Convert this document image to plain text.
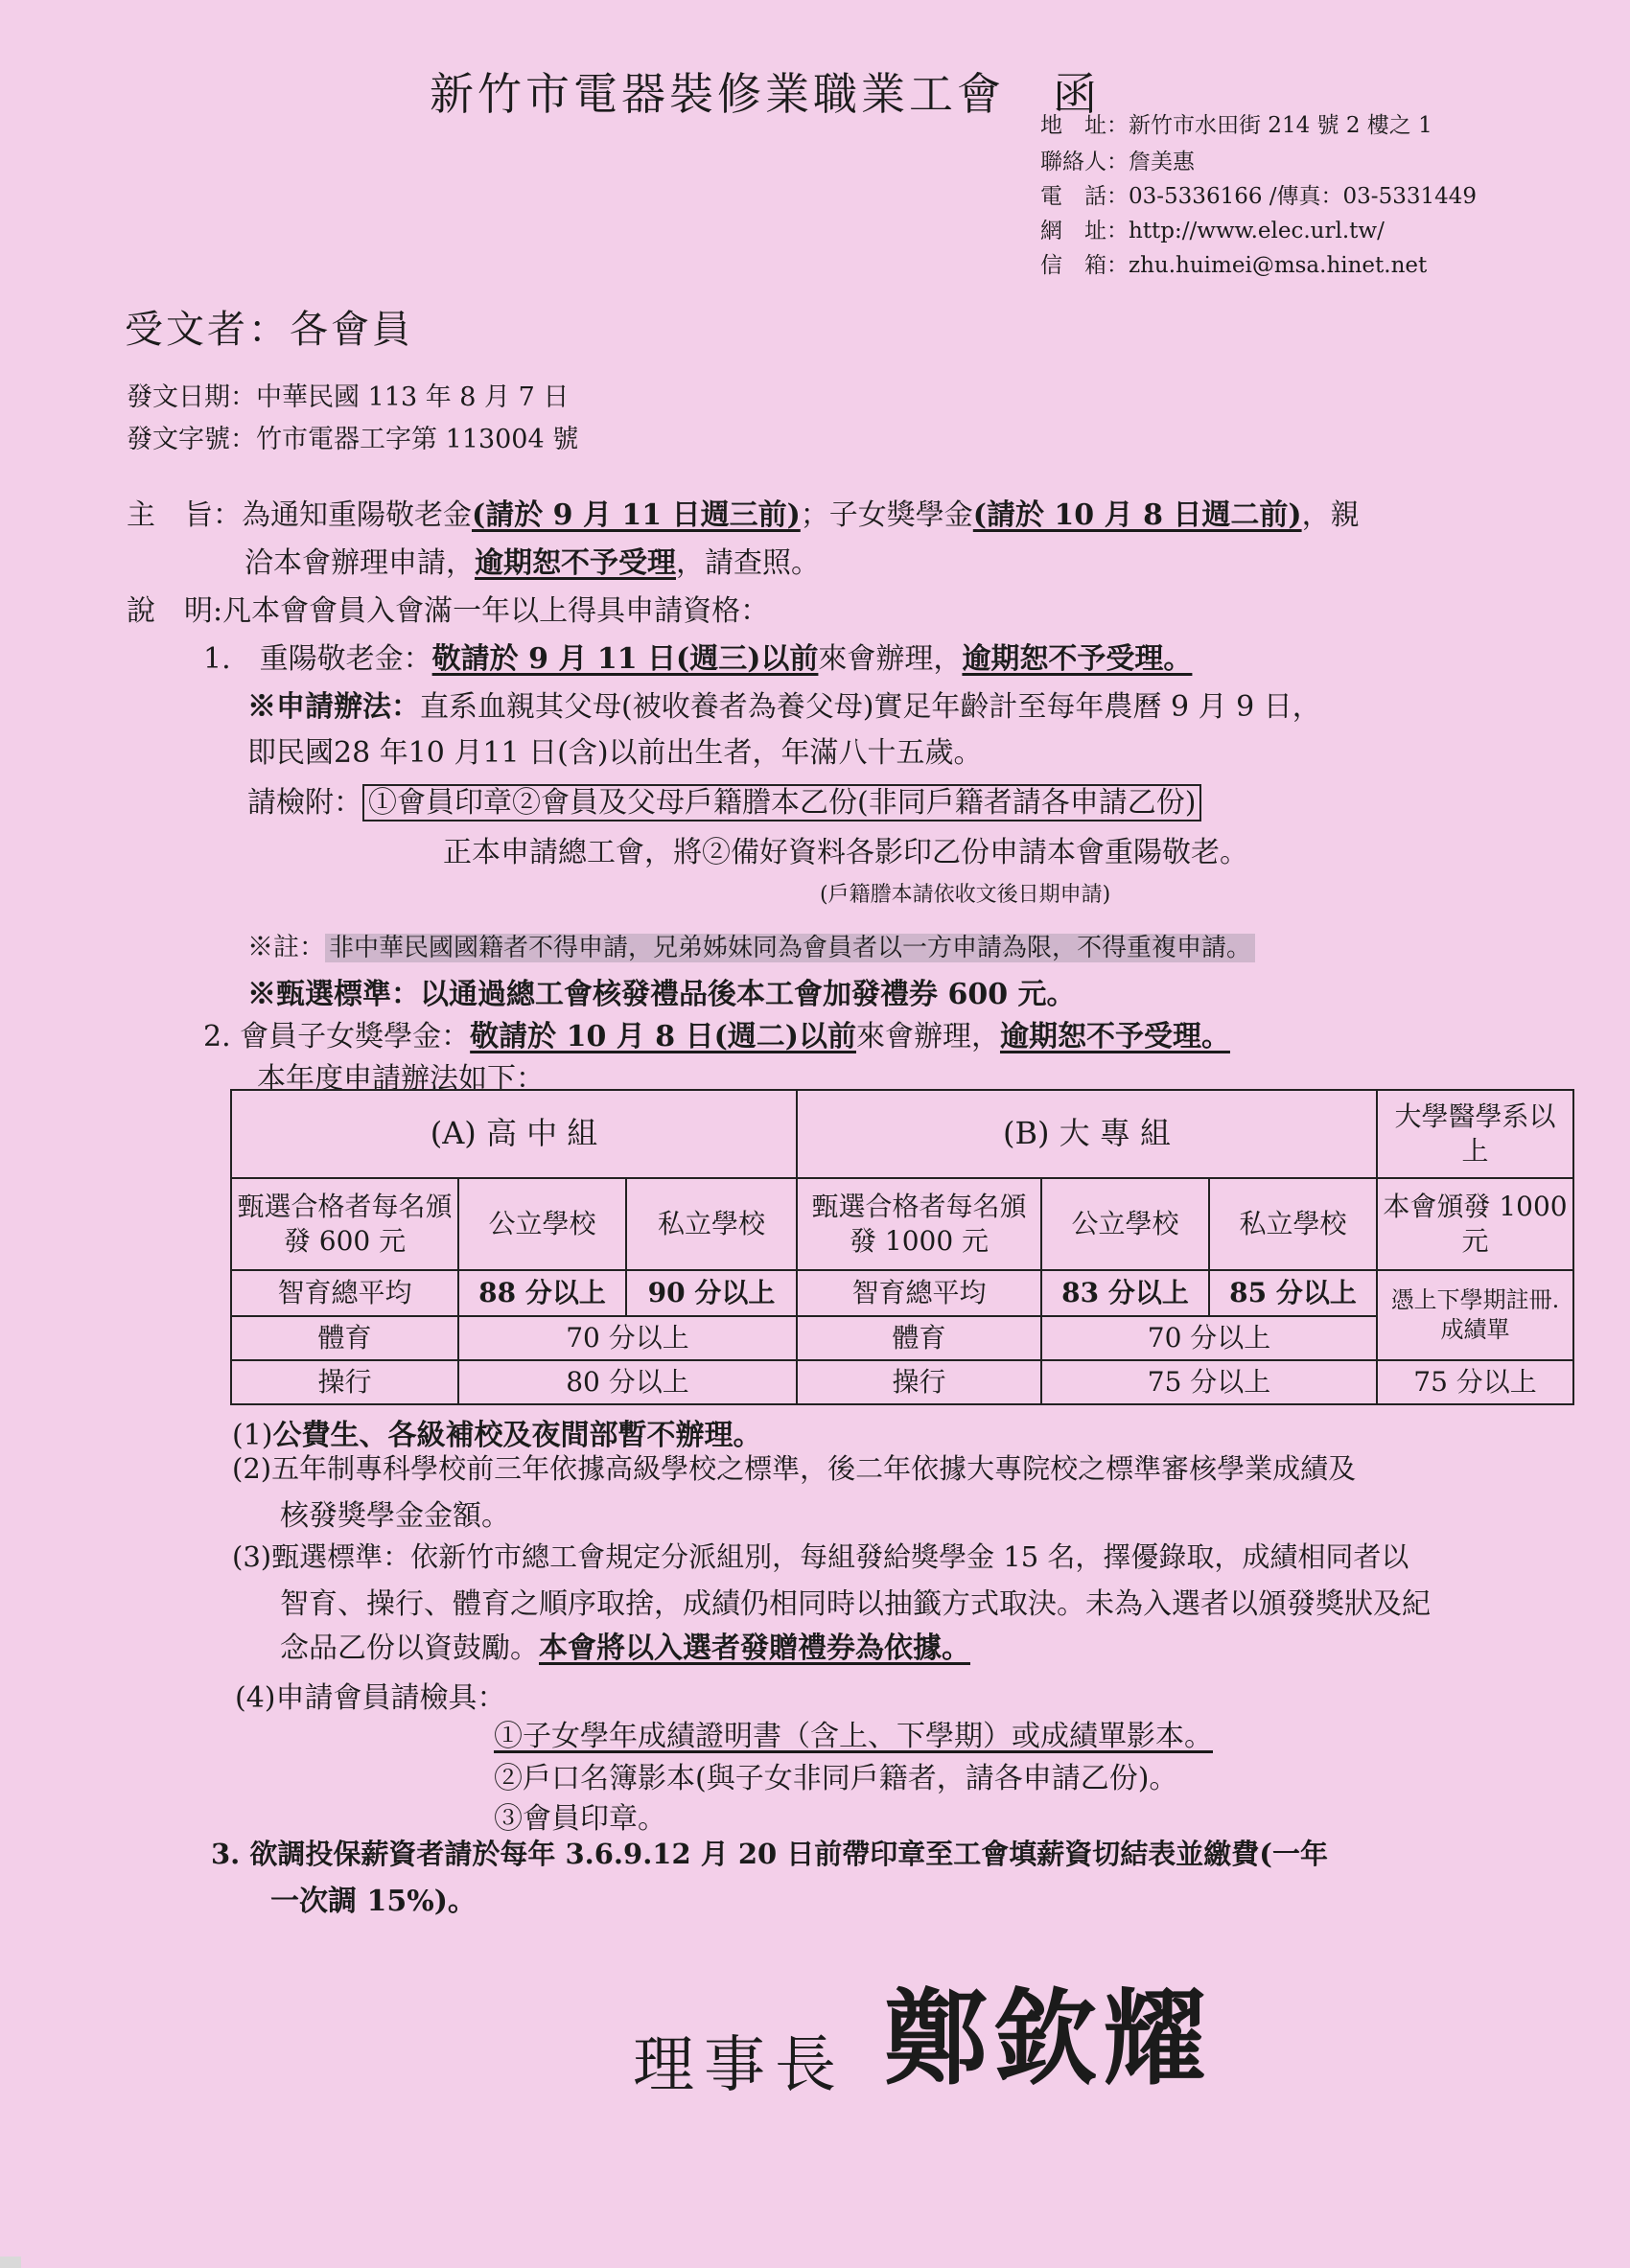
新竹市電器裝修業職業工會　函
地　址：新竹市水田街 214 號 2 樓之 1
聯絡人：詹美惠
電　話：03-5336166 /傳真：03-5331449
網　址：http://www.elec.url.tw/
信　箱：zhu.huimei@msa.hinet.net
受文者：各會員
發文日期：中華民國 113 年 8 月 7 日
發文字號：竹市電器工字第 113004 號
主　旨：為通知重陽敬老金(請於 9 月 11 日週三前)；子女獎學金(請於 10 月 8 日週二前)，親
洽本會辦理申請，逾期恕不予受理，請查照。
說　明:凡本會會員入會滿一年以上得具申請資格：
1.　重陽敬老金：敬請於 9 月 11 日(週三)以前來會辦理，逾期恕不予受理。
※申請辦法：直系血親其父母(被收養者為養父母)實足年齡計至每年農曆 9 月 9 日，
即民國28 年10 月11 日(含)以前出生者，年滿八十五歲。
請檢附： ①會員印章②會員及父母戶籍謄本乙份(非同戶籍者請各申請乙份)
正本申請總工會，將②備好資料各影印乙份申請本會重陽敬老。
(戶籍謄本請依收文後日期申請)
※註： 非中華民國國籍者不得申請，兄弟姊妹同為會員者以一方申請為限，不得重複申請。
※甄選標準：以通過總工會核發禮品後本工會加發禮券 600 元。
2. 會員子女獎學金：敬請於 10 月 8 日(週二)以前來會辦理，逾期恕不予受理。
本年度申請辦法如下：
(A) 高 中 組			(B) 大 專 組			大學醫學系以上
甄選合格者每名頒發 600 元	公立學校	私立學校	甄選合格者每名頒發 1000 元	公立學校	私立學校	本會頒發 1000 元
智育總平均	88 分以上	90 分以上	智育總平均	83 分以上	85 分以上	憑上下學期註冊. 成績單
體育	70 分以上		體育	70 分以上		
操行	80 分以上		操行	75 分以上		75 分以上
(1)公費生、各級補校及夜間部暫不辦理。
(2)五年制專科學校前三年依據高級學校之標準，後二年依據大專院校之標準審核學業成績及
核發獎學金金額。
(3)甄選標準：依新竹市總工會規定分派組別，每組發給獎學金 15 名，擇優錄取，成績相同者以
智育、操行、體育之順序取捨，成績仍相同時以抽籤方式取決。未為入選者以頒發獎狀及紀
念品乙份以資鼓勵。本會將以入選者發贈禮券為依據。
(4)申請會員請檢具：
①子女學年成績證明書（含上、下學期）或成績單影本。
②戶口名簿影本(與子女非同戶籍者，請各申請乙份)。
③會員印章。
3. 欲調投保薪資者請於每年 3.6.9.12 月 20 日前帶印章至工會填薪資切結表並繳費(一年
一次調 15%)。
理事長 鄭欽耀
